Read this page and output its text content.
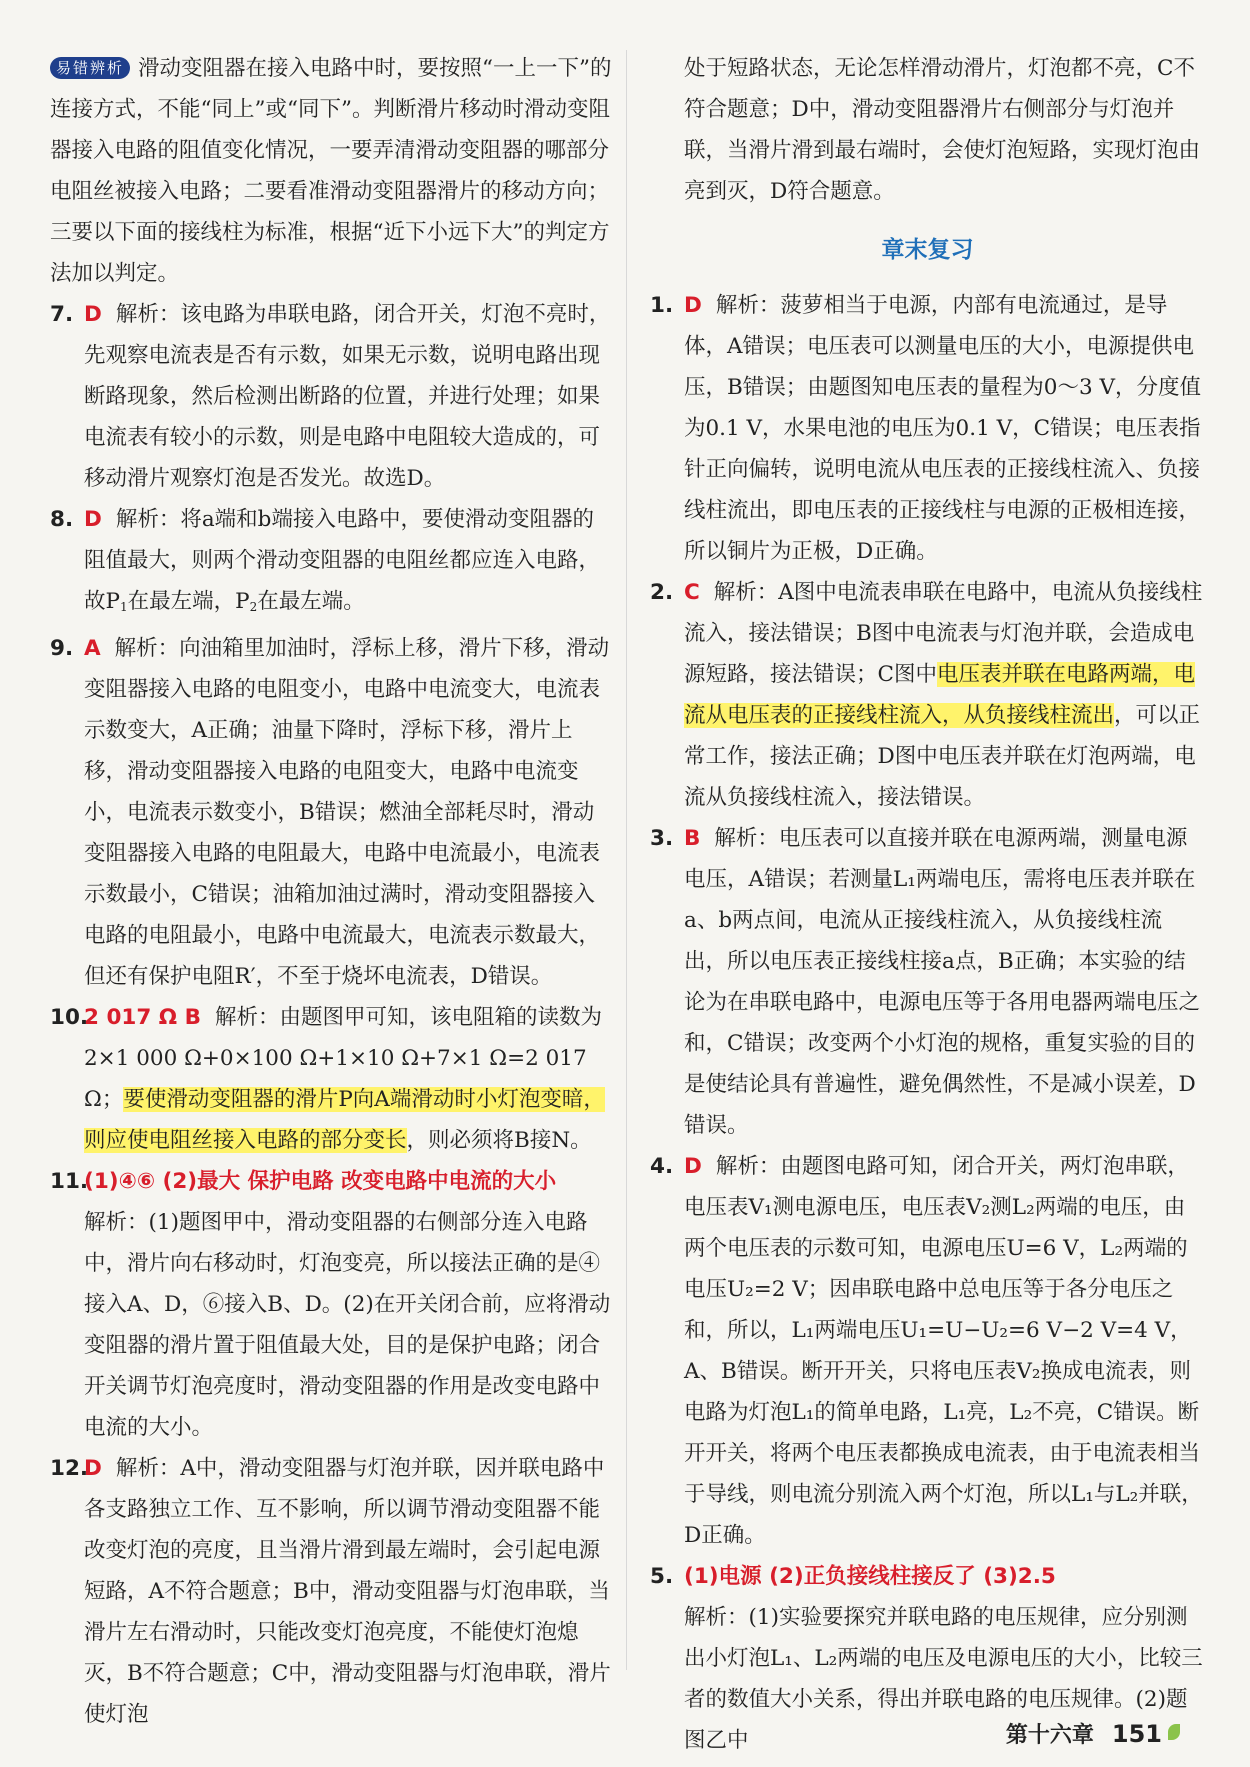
易错辨析 滑动变阻器在接入电路中时，要按照“一上一下”的连接方式，不能“同上”或“同下”。判断滑片移动时滑动变阻器接入电路的阻值变化情况，一要弄清滑动变阻器的哪部分电阻丝被接入电路；二要看准滑动变阻器滑片的移动方向；三要以下面的接线柱为标准，根据“近下小远下大”的判定方法加以判定。

7. D 解析：该电路为串联电路，闭合开关，灯泡不亮时，先观察电流表是否有示数，如果无示数，说明电路出现断路现象，然后检测出断路的位置，并进行处理；如果电流表有较小的示数，则是电路中电阻较大造成的，可移动滑片观察灯泡是否发光。故选D。
8. D 解析：将a端和b端接入电路中，要使滑动变阻器的阻值最大，则两个滑动变阻器的电阻丝都应连入电路，故$P_1$在最左端，$P_2$在最左端。
9. A 解析：向油箱里加油时，浮标上移，滑片下移，滑动变阻器接入电路的电阻变小，电路中电流变大，电流表示数变大，A正确；油量下降时，浮标下移，滑片上移，滑动变阻器接入电路的电阻变大，电路中电流变小，电流表示数变小，B错误；燃油全部耗尽时，滑动变阻器接入电路的电阻最大，电路中电流最小，电流表示数最小，C错误；油箱加油过满时，滑动变阻器接入电路的电阻最小，电路中电流最大，电流表示数最大，但还有保护电阻R′，不至于烧坏电流表，D错误。
10.
2 017 Ω B 解析：由题图甲可知，该电阻箱的读数为2×1 000 Ω+0×100 Ω+1×10 Ω+7×1 Ω=2 017 Ω；要使滑动变阻器的滑片P向A端滑动时小灯泡变暗，则应使电阻丝接入电路的部分变长，则必须将B接N。
11.
(1)④⑥ (2)最大 保护电路 改变电路中电流的大小
解析：(1)题图甲中，滑动变阻器的右侧部分连入电路中，滑片向右移动时，灯泡变亮，所以接法正确的是④接入A、D，⑥接入B、D。(2)在开关闭合前，应将滑动变阻器的滑片置于阻值最大处，目的是保护电路；闭合开关调节灯泡亮度时，滑动变阻器的作用是改变电路中电流的大小。
12.
D 解析：A中，滑动变阻器与灯泡并联，因并联电路中各支路独立工作、互不影响，所以调节滑动变阻器不能改变灯泡的亮度，且当滑片滑到最左端时，会引起电源短路，A不符合题意；B中，滑动变阻器与灯泡串联，当滑片左右滑动时，只能改变灯泡亮度，不能使灯泡熄灭，B不符合题意；C中，滑动变阻器与灯泡串联，滑片使灯泡

处于短路状态，无论怎样滑动滑片，灯泡都不亮，C不符合题意；D中，滑动变阻器滑片右侧部分与灯泡并联，当滑片滑到最右端时，会使灯泡短路，实现灯泡由亮到灭，D符合题意。

章末复习
1. D 解析：菠萝相当于电源，内部有电流通过，是导体，A错误；电压表可以测量电压的大小，电源提供电压，B错误；由题图知电压表的量程为0～3 V，分度值为0.1 V，水果电池的电压为0.1 V，C错误；电压表指针正向偏转，说明电流从电压表的正接线柱流入、负接线柱流出，即电压表的正接线柱与电源的正极相连接，所以铜片为正极，D正确。
2. C 解析：A图中电流表串联在电路中，电流从负接线柱流入，接法错误；B图中电流表与灯泡并联，会造成电源短路，接法错误；C图中电压表并联在电路两端，电流从电压表的正接线柱流入，从负接线柱流出，可以正常工作，接法正确；D图中电压表并联在灯泡两端，电流从负接线柱流入，接法错误。
3. B 解析：电压表可以直接并联在电源两端，测量电源电压，A错误；若测量L₁两端电压，需将电压表并联在a、b两点间，电流从正接线柱流入，从负接线柱流出，所以电压表正接线柱接a点，B正确；本实验的结论为在串联电路中，电源电压等于各用电器两端电压之和，C错误；改变两个小灯泡的规格，重复实验的目的是使结论具有普遍性，避免偶然性，不是减小误差，D错误。
4. D 解析：由题图电路可知，闭合开关，两灯泡串联，电压表V₁测电源电压，电压表V₂测L₂两端的电压，由两个电压表的示数可知，电源电压U=6 V，L₂两端的电压U₂=2 V；因串联电路中总电压等于各分电压之和，所以，L₁两端电压U₁=U−U₂=6 V−2 V=4 V，A、B错误。断开开关，只将电压表V₂换成电流表，则电路为灯泡L₁的简单电路，L₁亮，L₂不亮，C错误。断开开关，将两个电压表都换成电流表，由于电流表相当于导线，则电流分别流入两个灯泡，所以L₁与L₂并联，D正确。
5. (1)电源 (2)正负接线柱接反了 (3)2.5
解析：(1)实验要探究并联电路的电压规律，应分别测出小灯泡L₁、L₂两端的电压及电源电压的大小，比较三者的数值大小关系，得出并联电路的电压规律。(2)题图乙中	第十六章 151
